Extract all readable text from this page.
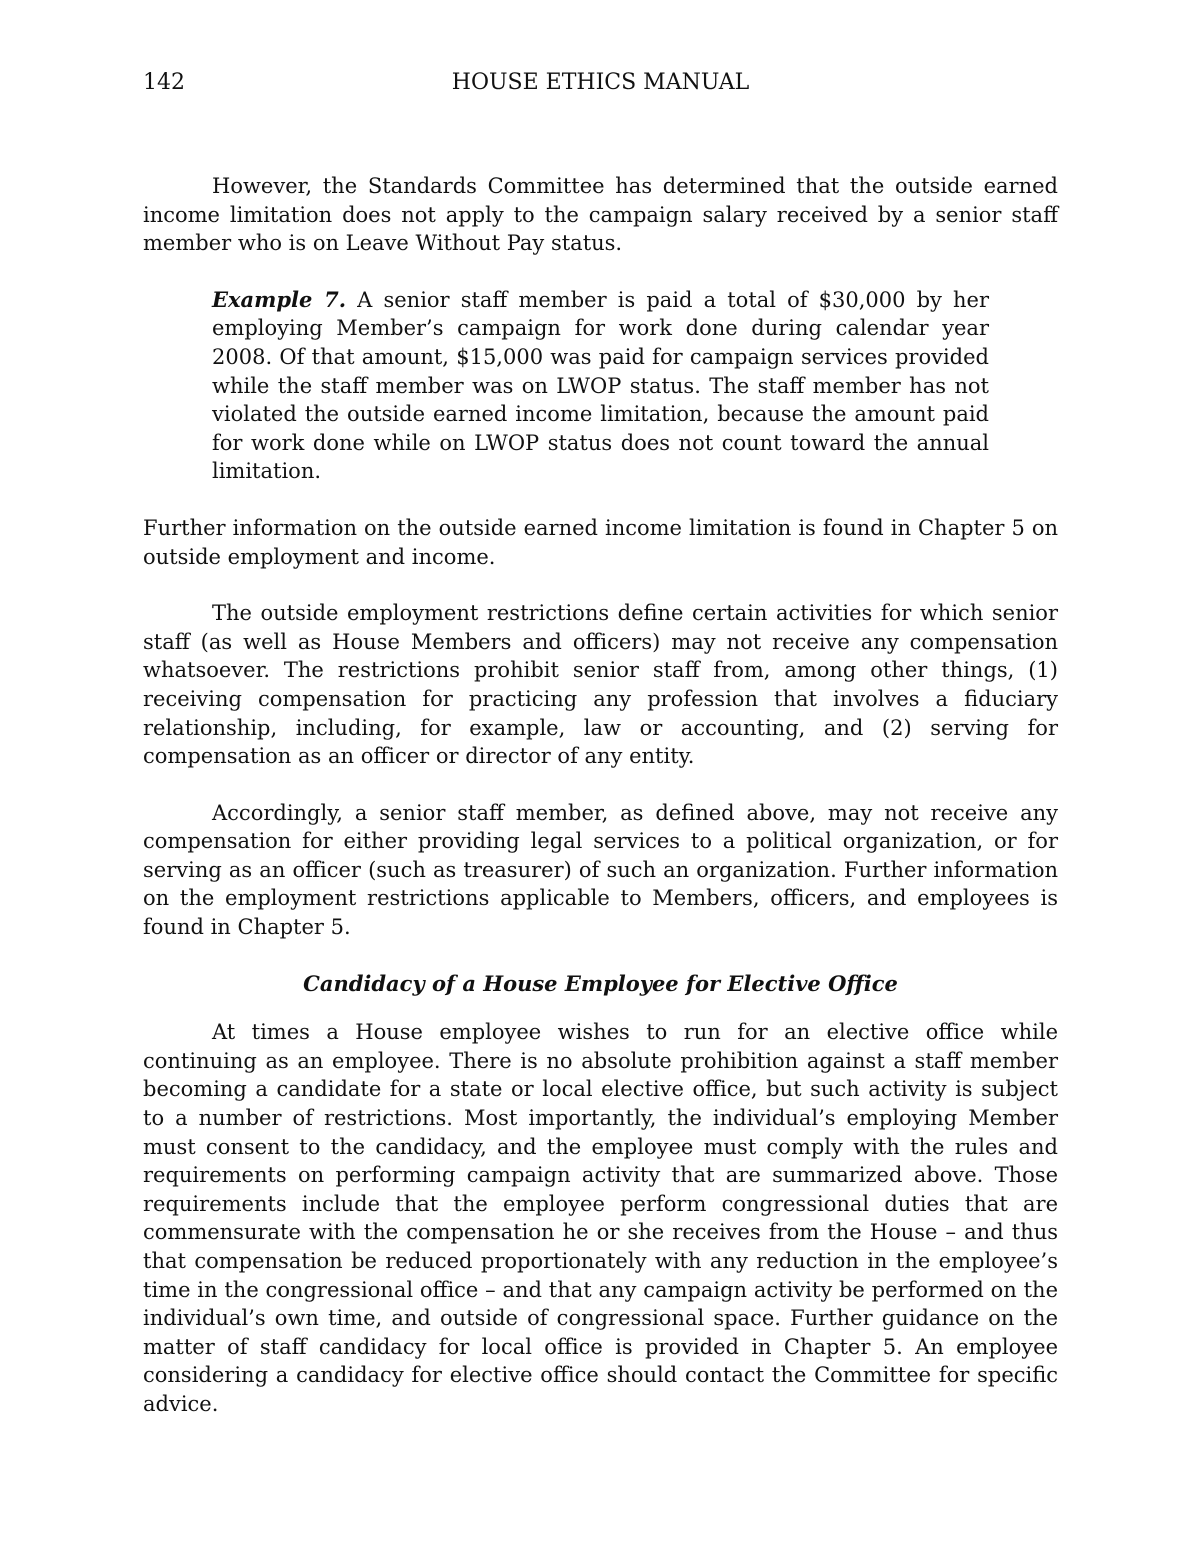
142	HOUSE ETHICS MANUAL

However, the Standards Committee has determined that the outside earned income limitation does not apply to the campaign salary received by a senior staff member who is on Leave Without Pay status.

Example 7. A senior staff member is paid a total of $30,000 by her employing Member’s campaign for work done during calendar year 2008. Of that amount, $15,000 was paid for campaign services provided while the staff member was on LWOP status. The staff member has not violated the outside earned income limitation, because the amount paid for work done while on LWOP status does not count toward the annual limitation.

Further information on the outside earned income limitation is found in Chapter 5 on outside employment and income.

The outside employment restrictions define certain activities for which senior staff (as well as House Members and officers) may not receive any compensation whatsoever. The restrictions prohibit senior staff from, among other things, (1) receiving compensation for practicing any profession that involves a fiduciary relationship, including, for example, law or accounting, and (2) serving for compensation as an officer or director of any entity.

Accordingly, a senior staff member, as defined above, may not receive any compensation for either providing legal services to a political organization, or for serving as an officer (such as treasurer) of such an organization. Further information on the employment restrictions applicable to Members, officers, and employees is found in Chapter 5.

Candidacy of a House Employee for Elective Office

At times a House employee wishes to run for an elective office while continuing as an employee. There is no absolute prohibition against a staff member becoming a candidate for a state or local elective office, but such activity is subject to a number of restrictions. Most importantly, the individual’s employing Member must consent to the candidacy, and the employee must comply with the rules and requirements on performing campaign activity that are summarized above. Those requirements include that the employee perform congressional duties that are commensurate with the compensation he or she receives from the House – and thus that compensation be reduced proportionately with any reduction in the employee’s time in the congressional office – and that any campaign activity be performed on the individual’s own time, and outside of congressional space. Further guidance on the matter of staff candidacy for local office is provided in Chapter 5. An employee considering a candidacy for elective office should contact the Committee for specific advice.
